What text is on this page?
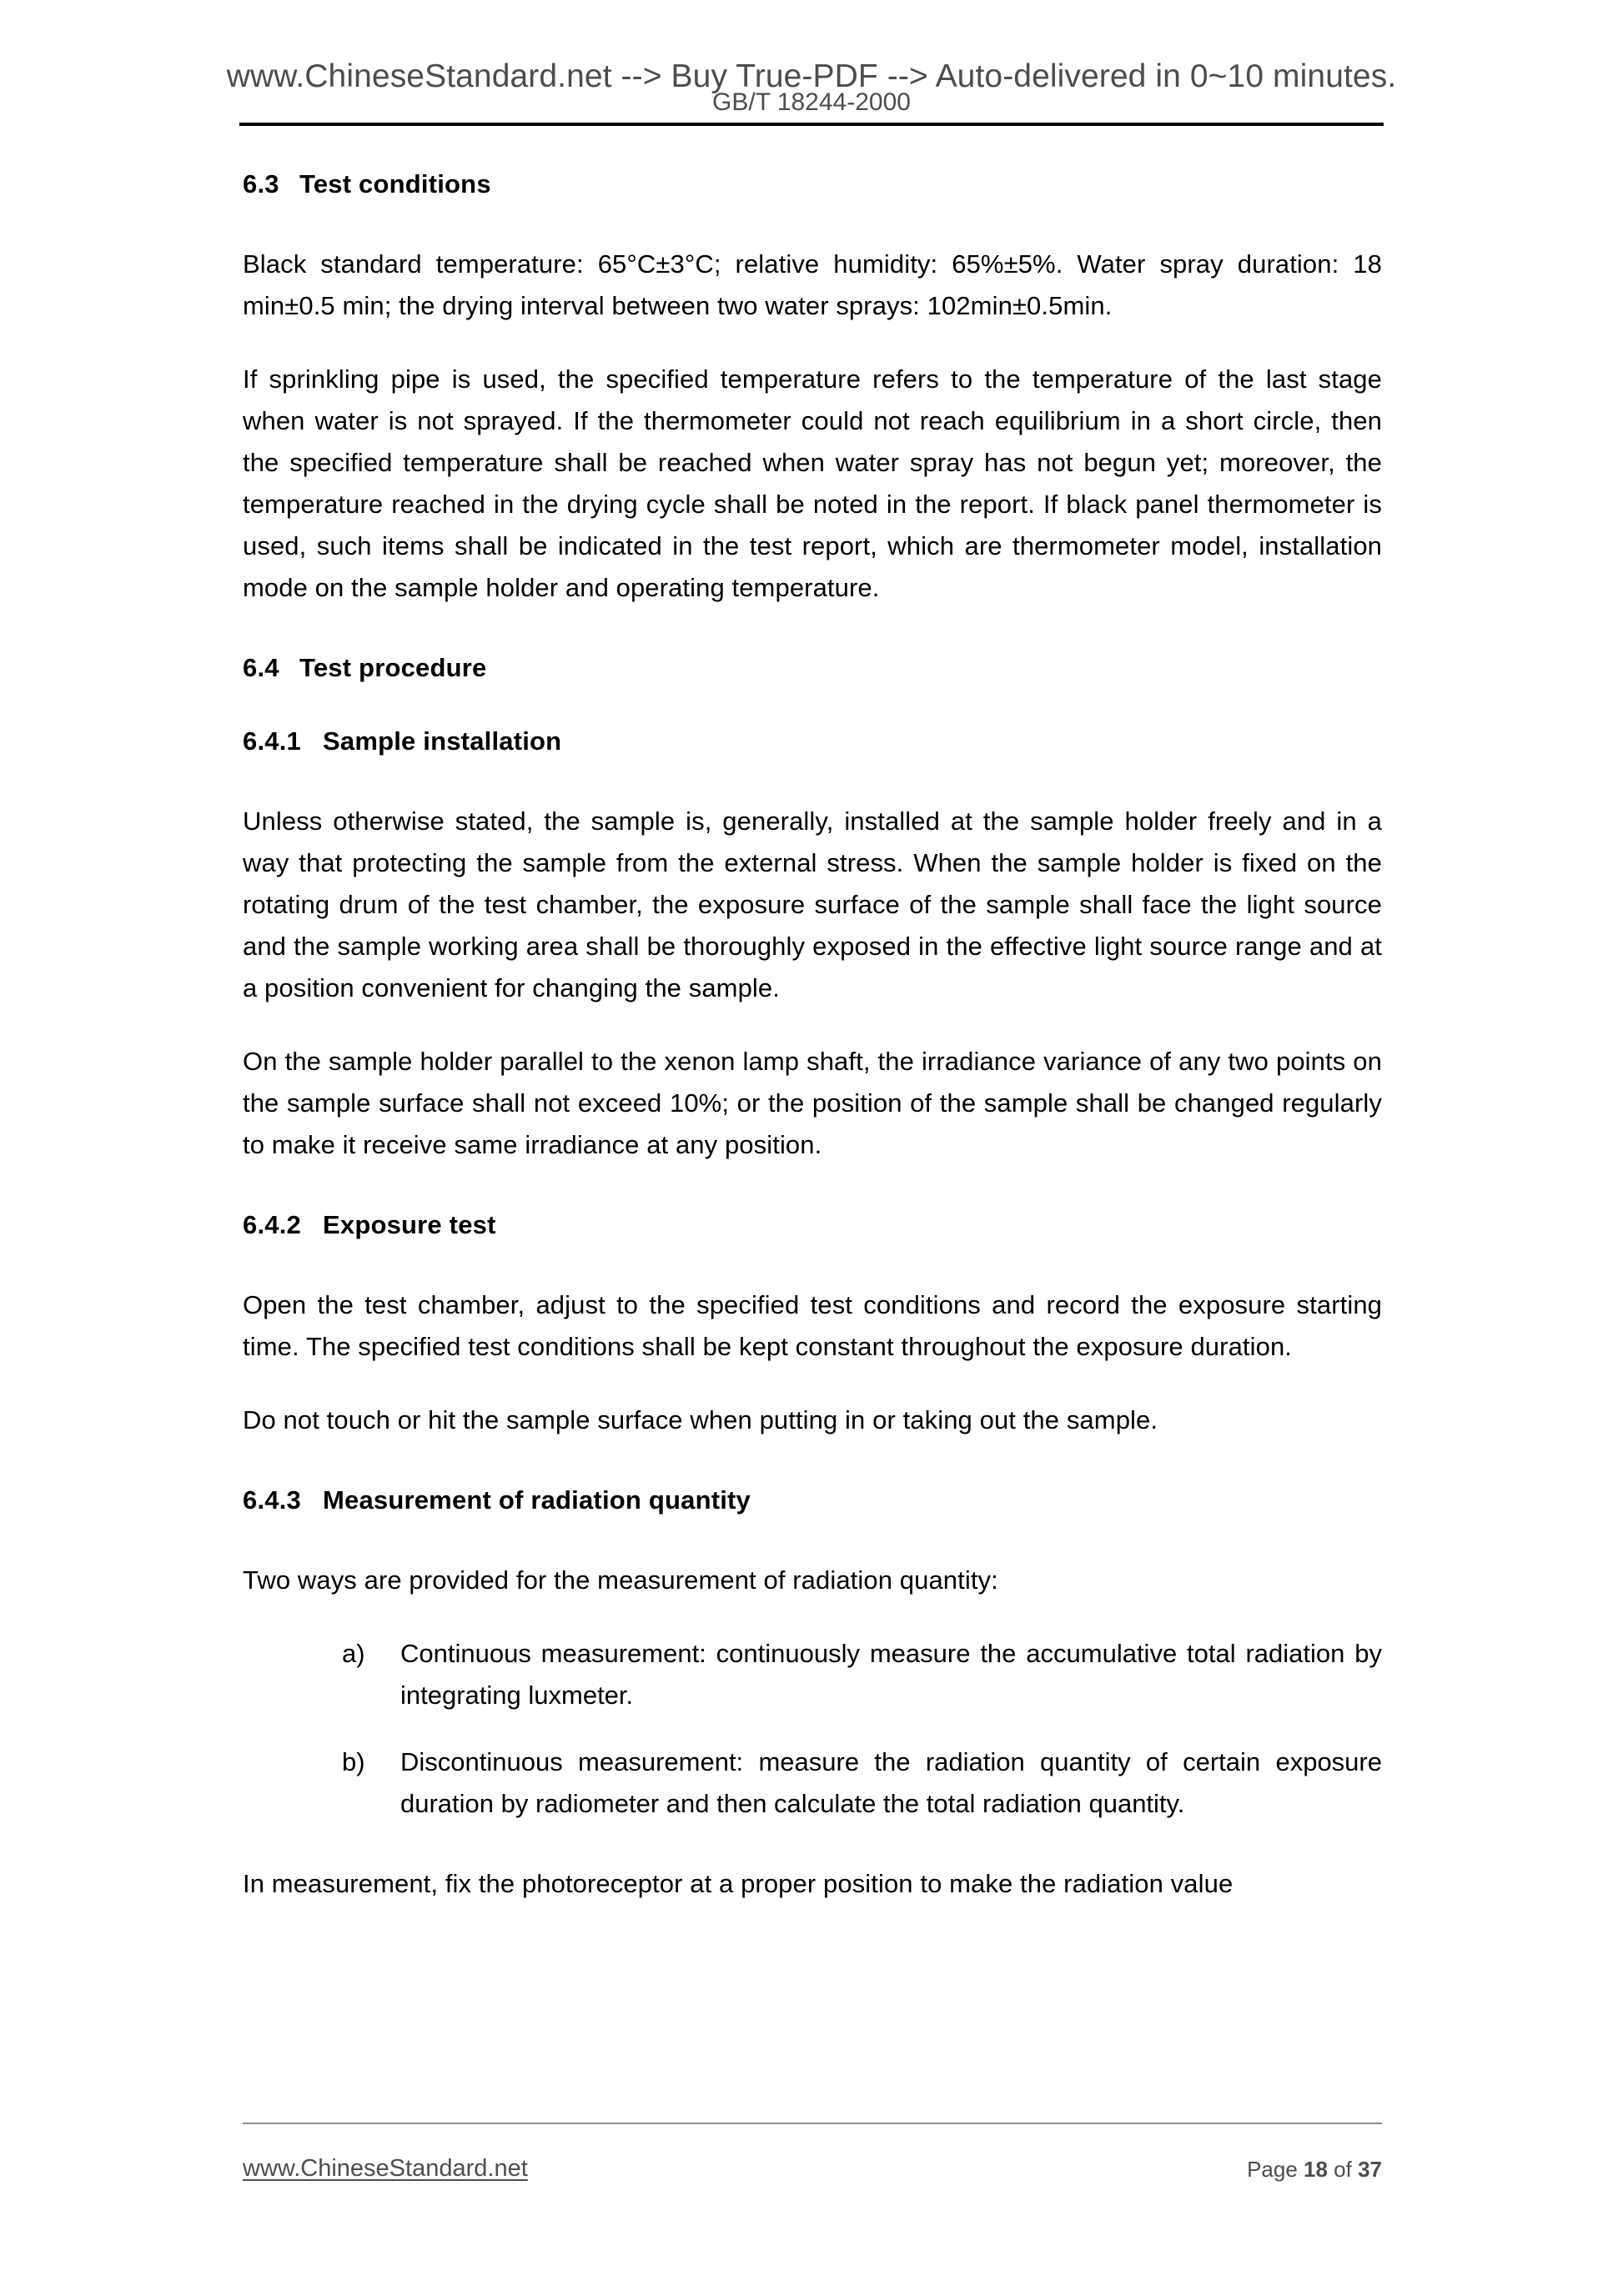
www.ChineseStandard.net --> Buy True-PDF --> Auto-delivered in 0~10 minutes.
GB/T 18244-2000
6.3 Test conditions

Black standard temperature: 65°C±3°C; relative humidity: 65%±5%. Water spray duration: 18 min±0.5 min; the drying interval between two water sprays: 102min±0.5min.

If sprinkling pipe is used, the specified temperature refers to the temperature of the last stage when water is not sprayed. If the thermometer could not reach equilibrium in a short circle, then the specified temperature shall be reached when water spray has not begun yet; moreover, the temperature reached in the drying cycle shall be noted in the report. If black panel thermometer is used, such items shall be indicated in the test report, which are thermometer model, installation mode on the sample holder and operating temperature.

6.4 Test procedure
6.4.1 Sample installation

Unless otherwise stated, the sample is, generally, installed at the sample holder freely and in a way that protecting the sample from the external stress. When the sample holder is fixed on the rotating drum of the test chamber, the exposure surface of the sample shall face the light source and the sample working area shall be thoroughly exposed in the effective light source range and at a position convenient for changing the sample.

On the sample holder parallel to the xenon lamp shaft, the irradiance variance of any two points on the sample surface shall not exceed 10%; or the position of the sample shall be changed regularly to make it receive same irradiance at any position.

6.4.2 Exposure test

Open the test chamber, adjust to the specified test conditions and record the exposure starting time. The specified test conditions shall be kept constant throughout the exposure duration.

Do not touch or hit the sample surface when putting in or taking out the sample.

6.4.3 Measurement of radiation quantity

Two ways are provided for the measurement of radiation quantity:

a) Continuous measurement: continuously measure the accumulative total radiation by integrating luxmeter.
b) Discontinuous measurement: measure the radiation quantity of certain exposure duration by radiometer and then calculate the total radiation quantity.

In measurement, fix the photoreceptor at a proper position to make the radiation value

www.ChineseStandard.net	Page 18 of 37
